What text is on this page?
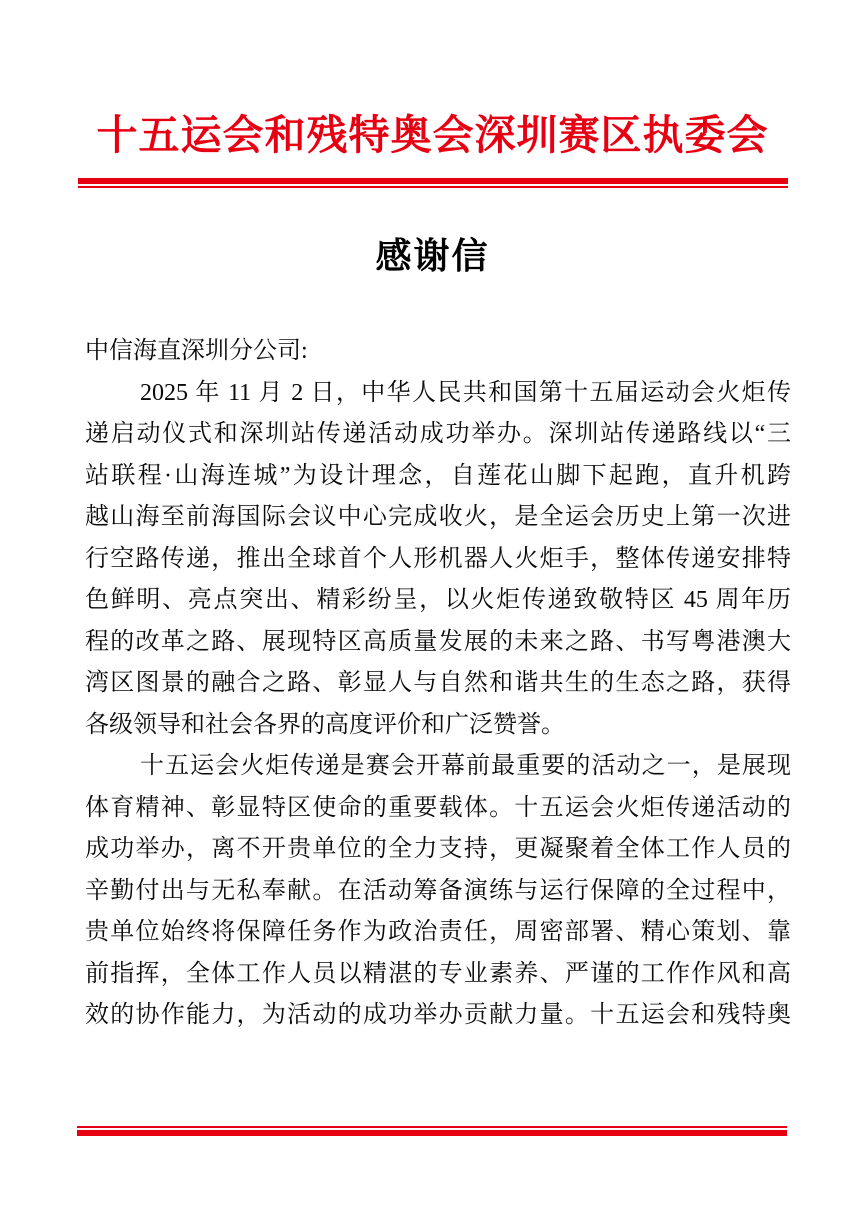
十五运会和残特奥会深圳赛区执委会
感谢信
中信海直深圳分公司:
2025 年 11 月 2 日，中华人民共和国第十五届运动会火炬传
递启动仪式和深圳站传递活动成功举办。深圳站传递路线以“三
站联程·山海连城”为设计理念，自莲花山脚下起跑，直升机跨
越山海至前海国际会议中心完成收火，是全运会历史上第一次进
行空路传递，推出全球首个人形机器人火炬手，整体传递安排特
色鲜明、亮点突出、精彩纷呈，以火炬传递致敬特区 45 周年历
程的改革之路、展现特区高质量发展的未来之路、书写粤港澳大
湾区图景的融合之路、彰显人与自然和谐共生的生态之路，获得
各级领导和社会各界的高度评价和广泛赞誉。
十五运会火炬传递是赛会开幕前最重要的活动之一，是展现
体育精神、彰显特区使命的重要载体。十五运会火炬传递活动的
成功举办，离不开贵单位的全力支持，更凝聚着全体工作人员的
辛勤付出与无私奉献。在活动筹备演练与运行保障的全过程中，
贵单位始终将保障任务作为政治责任，周密部署、精心策划、靠
前指挥，全体工作人员以精湛的专业素养、严谨的工作作风和高
效的协作能力，为活动的成功举办贡献力量。十五运会和残特奥
